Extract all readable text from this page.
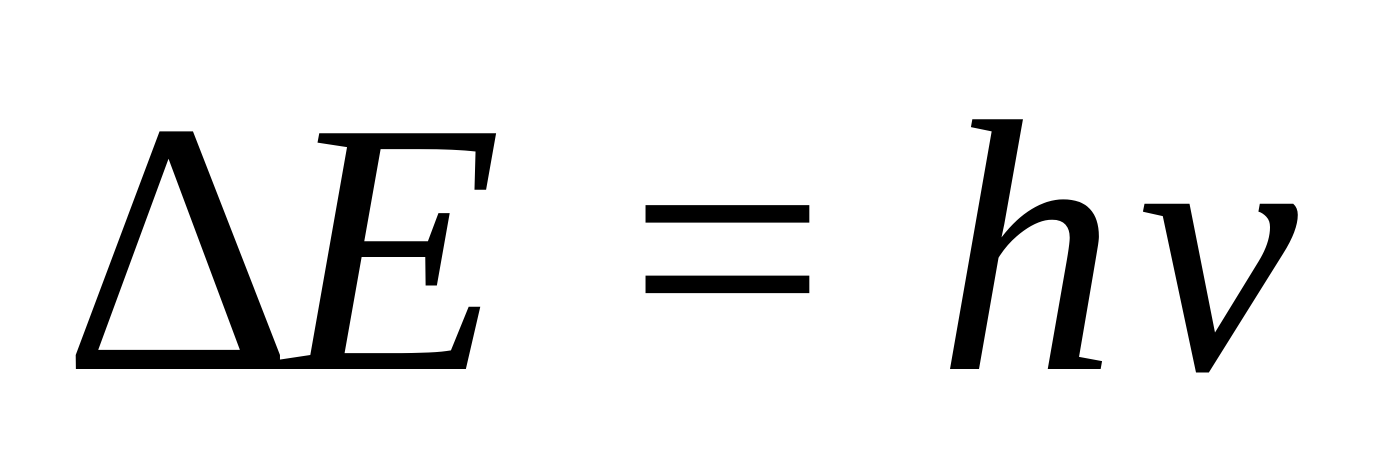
Δ
E = h ν
